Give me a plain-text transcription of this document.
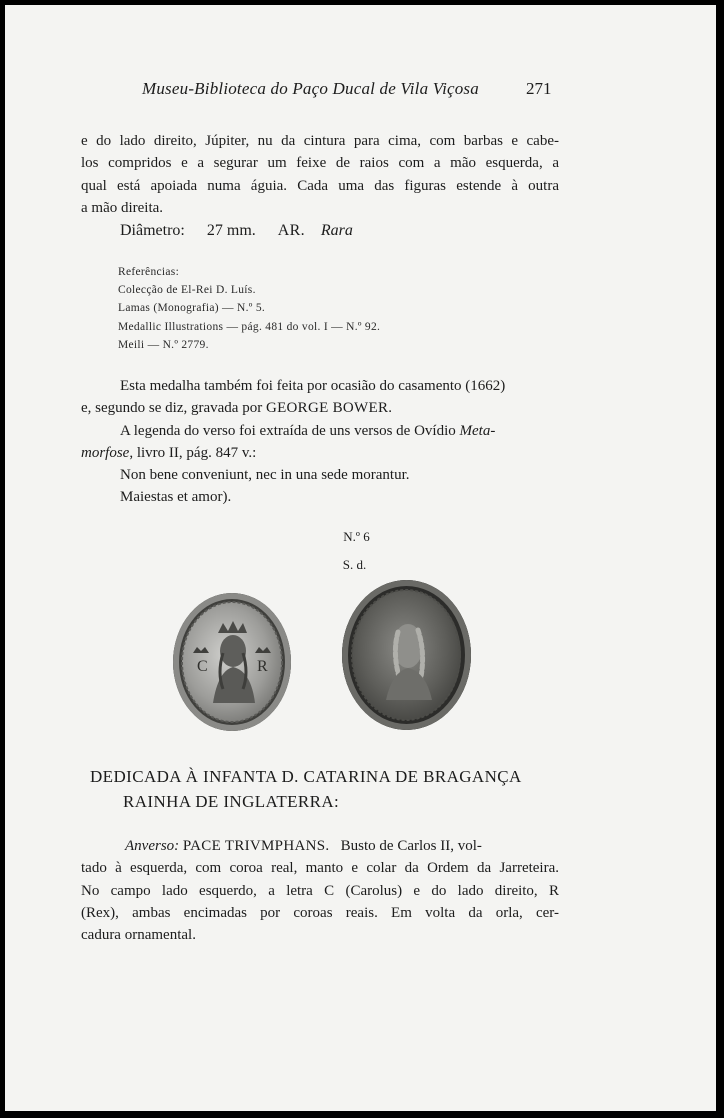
Museu-Biblioteca do Paço Ducal de Vila Viçosa	271
e do lado direito, Júpiter, nu da cintura para cima, com barbas e cabe-
los compridos e a segurar um feixe de raios com a mão esquerda, a
qual está apoiada numa águia. Cada uma das figuras estende à outra
a mão direita.
Diâmetro: 27 mm. AR. Rara
Referências:
Colecção de El-Rei D. Luís.
Lamas (Monografia) — N.º 5.
Medallic Illustrations — pág. 481 do vol. I — N.º 92.
Meili — N.º 2779.
Esta medalha também foi feita por ocasião do casamento (1662)
e, segundo se diz, gravada por GEORGE BOWER.
A legenda do verso foi extraída de uns versos de Ovídio Meta-
morfose, livro II, pág. 847 v.:
Non bene conveniunt, nec in una sede morantur.
Maiestas et amor).
N.º 6
S. d.
C	R
DEDICADA À INFANTA D. CATARINA DE BRAGANÇA
RAINHA DE INGLATERRA:
Anverso: PACE TRIVMPHANS. Busto de Carlos II, vol-
tado à esquerda, com coroa real, manto e colar da Ordem da Jarreteira.
No campo lado esquerdo, a letra C (Carolus) e do lado direito, R
(Rex), ambas encimadas por coroas reais. Em volta da orla, cer-
cadura ornamental.
